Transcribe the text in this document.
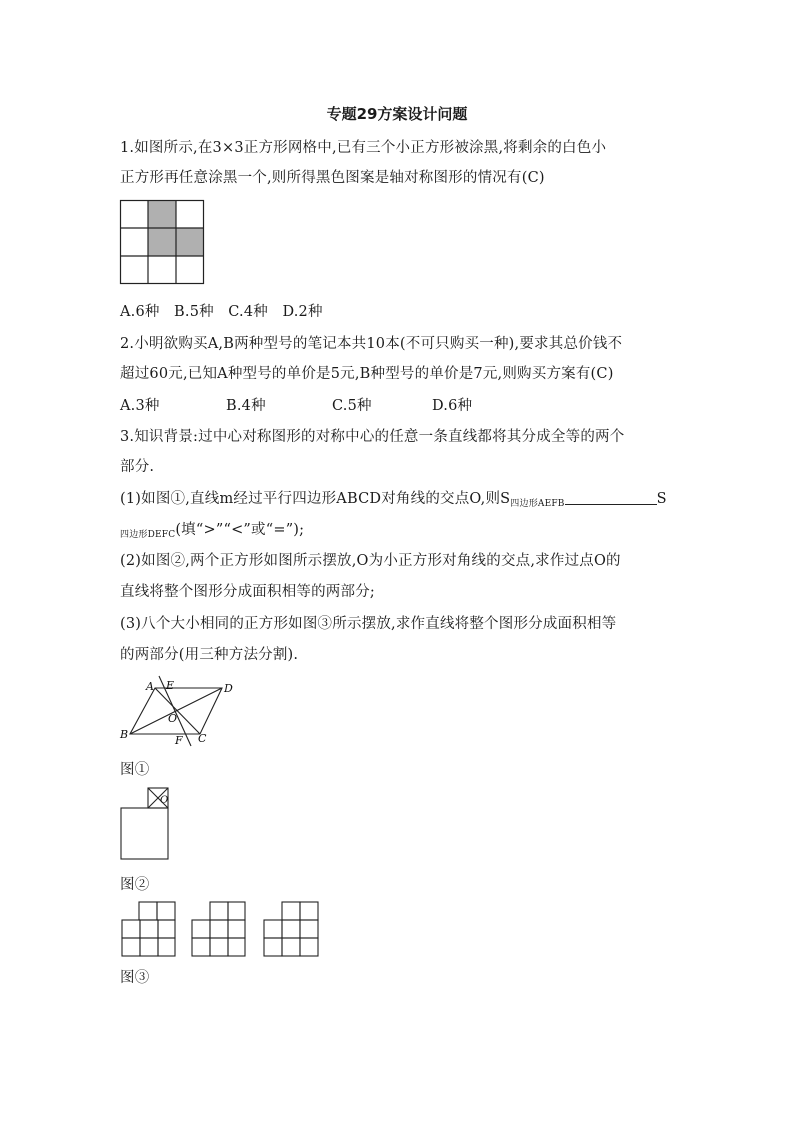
专题29方案设计问题
1.如图所示,在3×3正方形网格中,已有三个小正方形被涂黑,将剩余的白色小
正方形再任意涂黑一个,则所得黑色图案是轴对称图形的情况有(C)
A.6种 B.5种 C.4种 D.2种
2.小明欲购买A,B两种型号的笔记本共10本(不可只购买一种),要求其总价钱不
超过60元,已知A种型号的单价是5元,B种型号的单价是7元,则购买方案有(C)
A.3种	B.4种	C.5种	D.6种
3.知识背景:过中心对称图形的对称中心的任意一条直线都将其分成全等的两个
部分.
(1)如图①,直线m经过平行四边形ABCD对角线的交点O,则$S_{四边形AEFB}$	S
$_{四边形DEFC}$(填“>”“<”或“=”);
(2)如图②,两个正方形如图所示摆放,O为小正方形对角线的交点,求作过点O的
直线将整个图形分成面积相等的两部分;
(3)八个大小相同的正方形如图③所示摆放,求作直线将整个图形分成面积相等
的两部分(用三种方法分割).
A E	D
O
B	F C
图①
O
图②
图③
